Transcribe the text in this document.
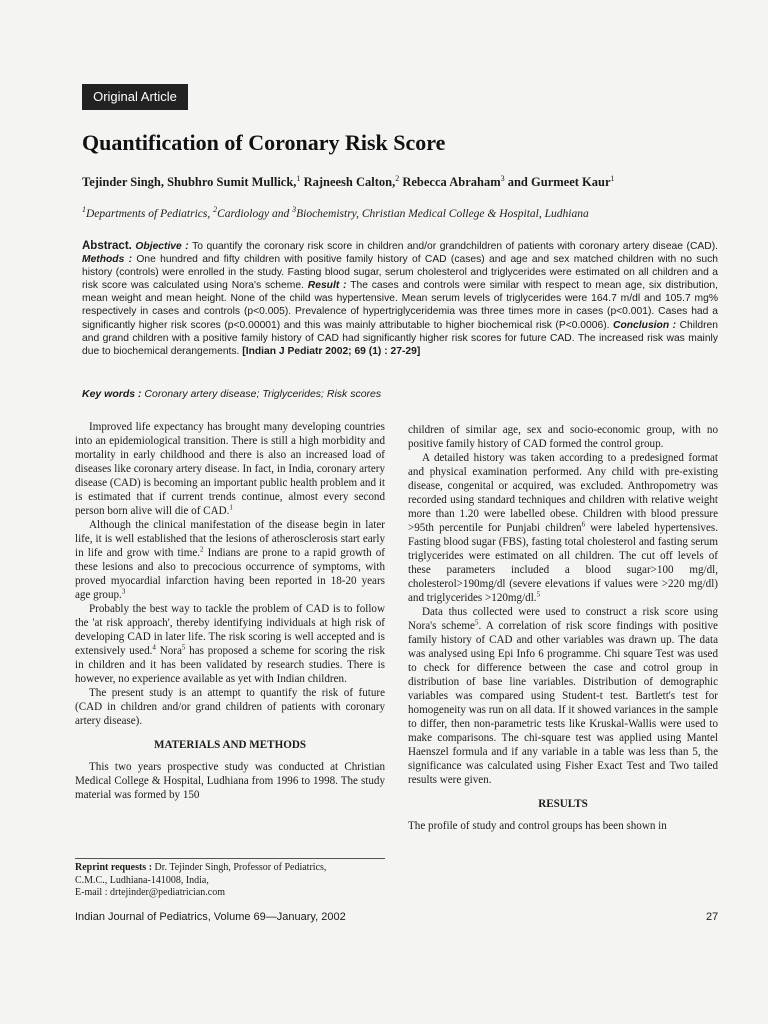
Original Article
Quantification of Coronary Risk Score
Tejinder Singh, Shubhro Sumit Mullick,$^1$ Rajneesh Calton,$^2$ Rebecca Abraham$^3$ and Gurmeet Kaur$^1$
$^1$Departments of Pediatrics, $^2$Cardiology and $^3$Biochemistry, Christian Medical College & Hospital, Ludhiana
Abstract. Objective : To quantify the coronary risk score in children and/or grandchildren of patients with coronary artery diseae (CAD). Methods : One hundred and fifty children with positive family history of CAD (cases) and age and sex matched children with no such history (controls) were enrolled in the study. Fasting blood sugar, serum cholesterol and triglycerides were estimated on all children and a risk score was calculated using Nora's scheme. Result : The cases and controls were similar with respect to mean age, six distribution, mean weight and mean height. None of the child was hypertensive. Mean serum levels of triglycerides were 164.7 m/dl and 105.7 mg% respectively in cases and controls (p<0.005). Prevalence of hypertriglyceridemia was three times more in cases (p<0.001). Cases had a significantly higher risk scores (p<0.00001) and this was mainly attributable to higher biochemical risk (P<0.0006). Conclusion : Children and grand children with a positive family history of CAD had significantly higher risk scores for future CAD. The increased risk was mainly due to biochemical derangements. [Indian J Pediatr 2002; 69 (1) : 27-29]
Key words : Coronary artery disease; Triglycerides; Risk scores

Improved life expectancy has brought many developing countries into an epidemiological transition. There is still a high morbidity and mortality in early childhood and there is also an increased load of diseases like coronary artery disease. In fact, in India, coronary artery disease (CAD) is becoming an important public health problem and it is estimated that if current trends continue, almost every second person born alive will die of CAD.$^1$

Although the clinical manifestation of the disease begin in later life, it is well established that the lesions of atherosclerosis start early in life and grow with time.$^2$ Indians are prone to a rapid growth of these lesions and also to precocious occurrence of symptoms, with proved myocardial infarction having been reported in 18-20 years age group.$^3$

Probably the best way to tackle the problem of CAD is to follow the 'at risk approach', thereby identifying individuals at high risk of developing CAD in later life. The risk scoring is well accepted and is extensively used.$^4$ Nora$^5$ has proposed a scheme for scoring the risk in children and it has been validated by research studies. There is however, no experience available as yet with Indian children.

The present study is an attempt to quantify the risk of future (CAD in children and/or grand children of patients with coronary artery disease).

MATERIALS AND METHODS

This two years prospective study was conducted at Christian Medical College & Hospital, Ludhiana from 1996 to 1998. The study material was formed by 150

children of similar age, sex and socio-economic group, with no positive family history of CAD formed the control group.

A detailed history was taken according to a predesigned format and physical examination performed. Any child with pre-existing disease, congenital or acquired, was excluded. Anthropometry was recorded using standard techniques and children with relative weight more than 1.20 were labelled obese. Children with blood pressure >95th percentile for Punjabi children$^6$ were labeled hypertensives. Fasting blood sugar (FBS), fasting total cholesterol and fasting serum triglycerides were estimated on all children. The cut off levels of these parameters included a blood sugar>100 mg/dl, cholesterol>190mg/dl (severe elevations if values were >220 mg/dl) and triglycerides >120mg/dl.$^5$

Data thus collected were used to construct a risk score using Nora's scheme$^5$. A correlation of risk score findings with positive family history of CAD and other variables was drawn up. The data was analysed using Epi Info 6 programme. Chi square Test was used to check for difference between the case and cotrol group in distribution of base line variables. Distribution of demographic variables was compared using Student-t test. Bartlett's test for homogeneity was run on all data. If it showed variances in the sample to differ, then non-parametric tests like Kruskal-Wallis were used to make comparisons. The chi-square test was applied using Mantel Haenszel formula and if any variable in a table was less than 5, the significance was calculated using Fisher Exact Test and Two tailed results were given.

RESULTS

The profile of study and control groups has been shown in

Reprint requests : Dr. Tejinder Singh, Professor of Pediatrics,
C.M.C., Ludhiana-141008, India,
E-mail : drtejinder@pediatrician.com
Indian Journal of Pediatrics, Volume 69—January, 2002	27
